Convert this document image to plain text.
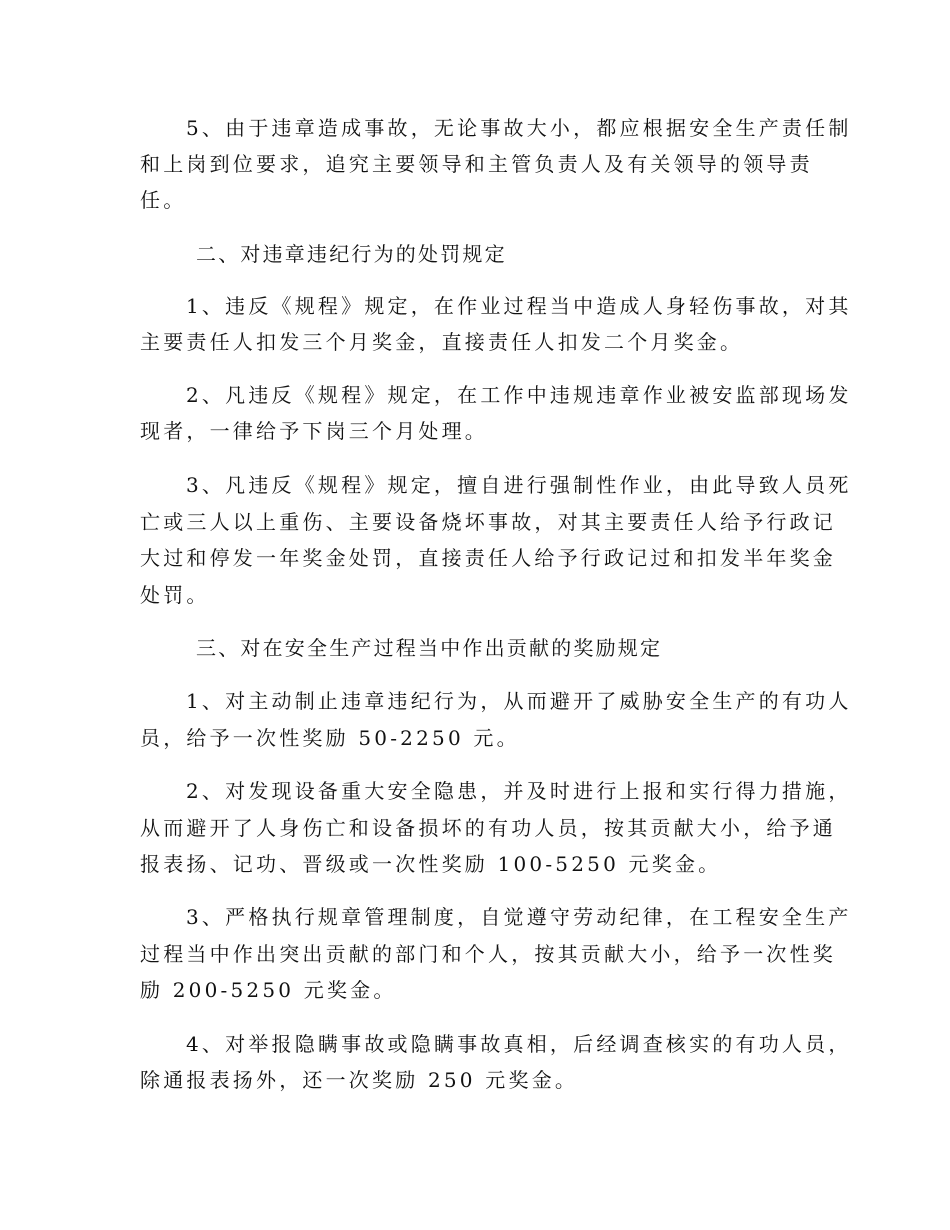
5、由于违章造成事故，无论事故大小，都应根据安全生产责任制

和上岗到位要求，追究主要领导和主管负责人及有关领导的领导责

任。

二、对违章违纪行为的处罚规定

1、违反《规程》规定，在作业过程当中造成人身轻伤事故，对其

主要责任人扣发三个月奖金，直接责任人扣发二个月奖金。

2、凡违反《规程》规定，在工作中违规违章作业被安监部现场发

现者，一律给予下岗三个月处理。

3、凡违反《规程》规定，擅自进行强制性作业，由此导致人员死

亡或三人以上重伤、主要设备烧坏事故，对其主要责任人给予行政记

大过和停发一年奖金处罚，直接责任人给予行政记过和扣发半年奖金

处罚。

三、对在安全生产过程当中作出贡献的奖励规定

1、对主动制止违章违纪行为，从而避开了威胁安全生产的有功人

员，给予一次性奖励 50-2250 元。

2、对发现设备重大安全隐患，并及时进行上报和实行得力措施，

从而避开了人身伤亡和设备损坏的有功人员，按其贡献大小，给予通

报表扬、记功、晋级或一次性奖励 100-5250 元奖金。

3、严格执行规章管理制度，自觉遵守劳动纪律，在工程安全生产

过程当中作出突出贡献的部门和个人，按其贡献大小，给予一次性奖

励 200-5250 元奖金。

4、对举报隐瞒事故或隐瞒事故真相，后经调查核实的有功人员，

除通报表扬外，还一次奖励 250 元奖金。
